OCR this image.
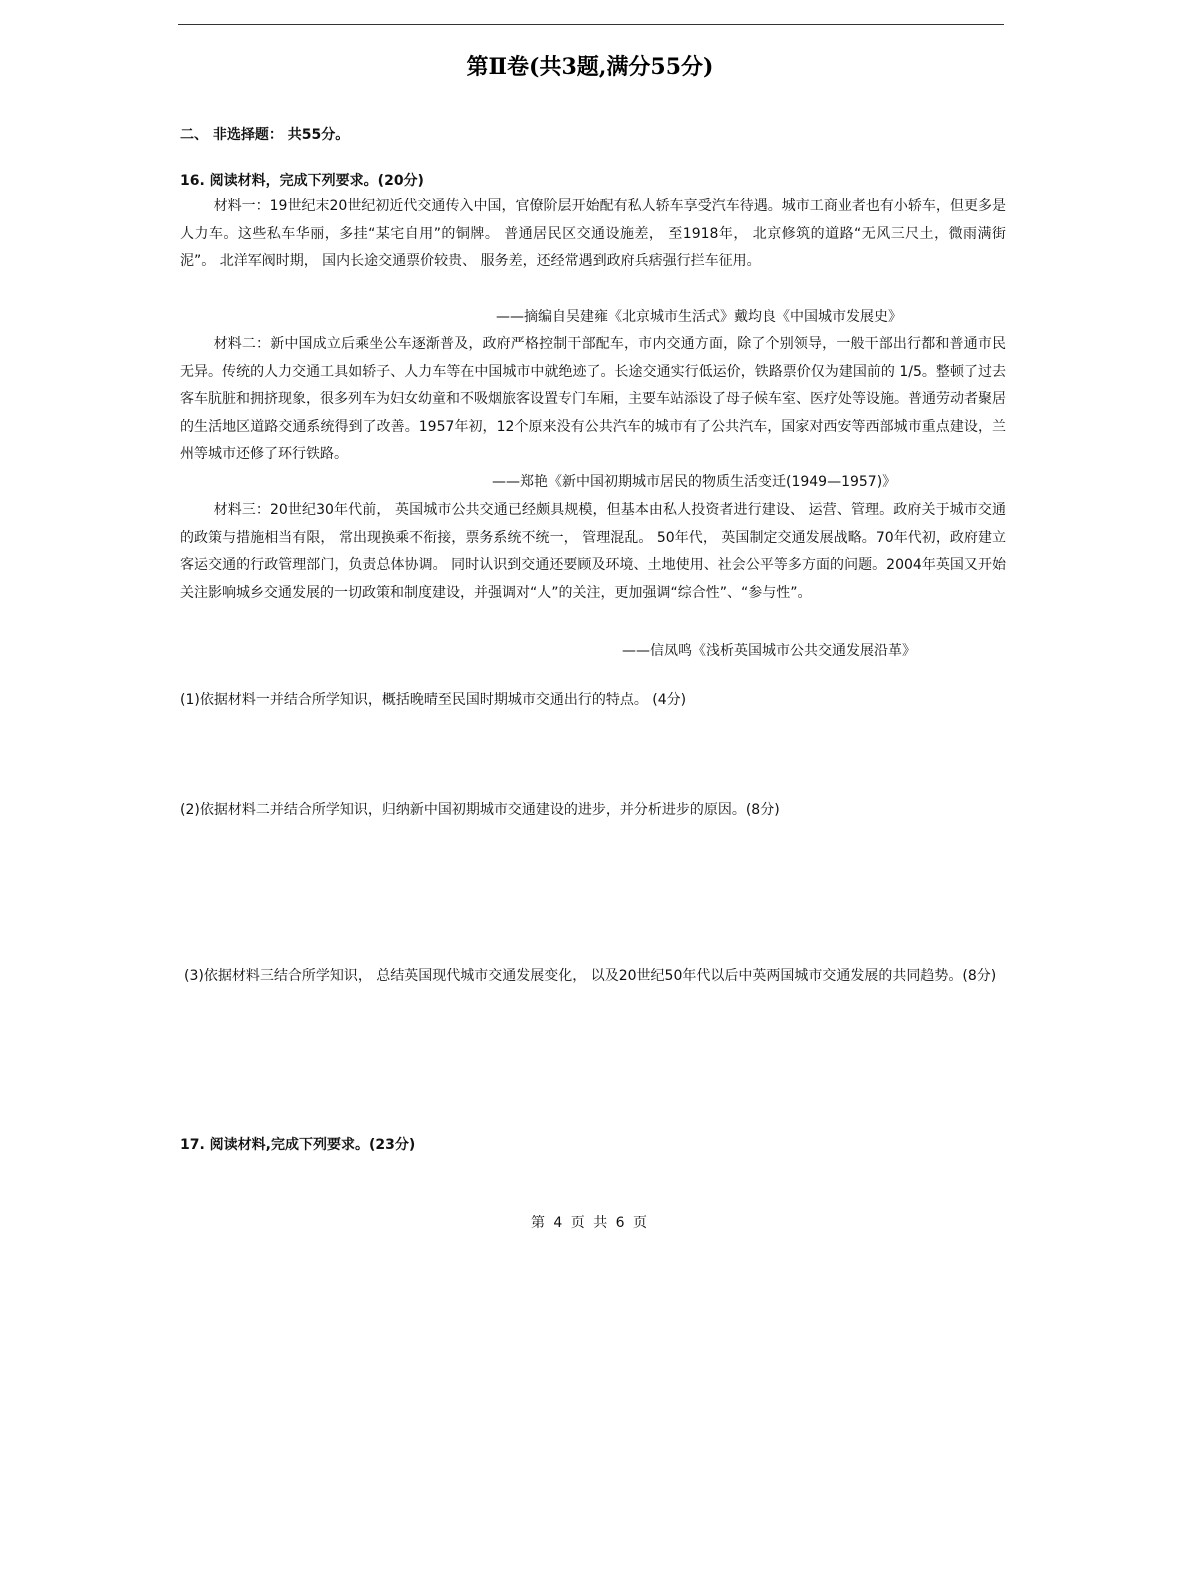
第Ⅱ卷(共3题,满分55分)
二、 非选择题： 共55分。
16. 阅读材料，完成下列要求。(20分)

材料一：19世纪末20世纪初近代交通传入中国，官僚阶层开始配有私人轿车享受汽车待遇。城市工商业者也有小轿车，但更多是人力车。这些私车华丽，多挂“某宅自用”的铜牌。 普通居民区交通设施差， 至1918年， 北京修筑的道路“无风三尺土，微雨满街泥”。 北洋军阀时期， 国内长途交通票价较贵、 服务差，还经常遇到政府兵痞强行拦车征用。

——摘编自吴建雍《北京城市生活式》戴均良《中国城市发展史》

材料二：新中国成立后乘坐公车逐渐普及，政府严格控制干部配车，市内交通方面，除了个别领导，一般干部出行都和普通市民无异。传统的人力交通工具如轿子、人力车等在中国城市中就绝迹了。长途交通实行低运价，铁路票价仅为建国前的 1/5。整顿了过去客车肮脏和拥挤现象，很多列车为妇女幼童和不吸烟旅客设置专门车厢，主要车站添设了母子候车室、医疗处等设施。普通劳动者聚居的生活地区道路交通系统得到了改善。1957年初，12个原来没有公共汽车的城市有了公共汽车，国家对西安等西部城市重点建设，兰州等城市还修了环行铁路。

——郑艳《新中国初期城市居民的物质生活变迁(1949—1957)》

材料三：20世纪30年代前， 英国城市公共交通已经颇具规模，但基本由私人投资者进行建设、 运营、管理。政府关于城市交通的政策与措施相当有限， 常出现换乘不衔接，票务系统不统一， 管理混乱。 50年代， 英国制定交通发展战略。70年代初，政府建立客运交通的行政管理部门，负责总体协调。 同时认识到交通还要顾及环境、土地使用、社会公平等多方面的问题。2004年英国又开始关注影响城乡交通发展的一切政策和制度建设，并强调对“人”的关注，更加强调“综合性”、“参与性”。

——信凤鸣《浅析英国城市公共交通发展沿革》

(1)依据材料一并结合所学知识，概括晚晴至民国时期城市交通出行的特点。 (4分)

(2)依据材料二并结合所学知识，归纳新中国初期城市交通建设的进步，并分析进步的原因。(8分)

(3)依据材料三结合所学知识， 总结英国现代城市交通发展变化， 以及20世纪50年代以后中英两国城市交通发展的共同趋势。(8分)

17. 阅读材料,完成下列要求。(23分)
第 4 页 共 6 页
